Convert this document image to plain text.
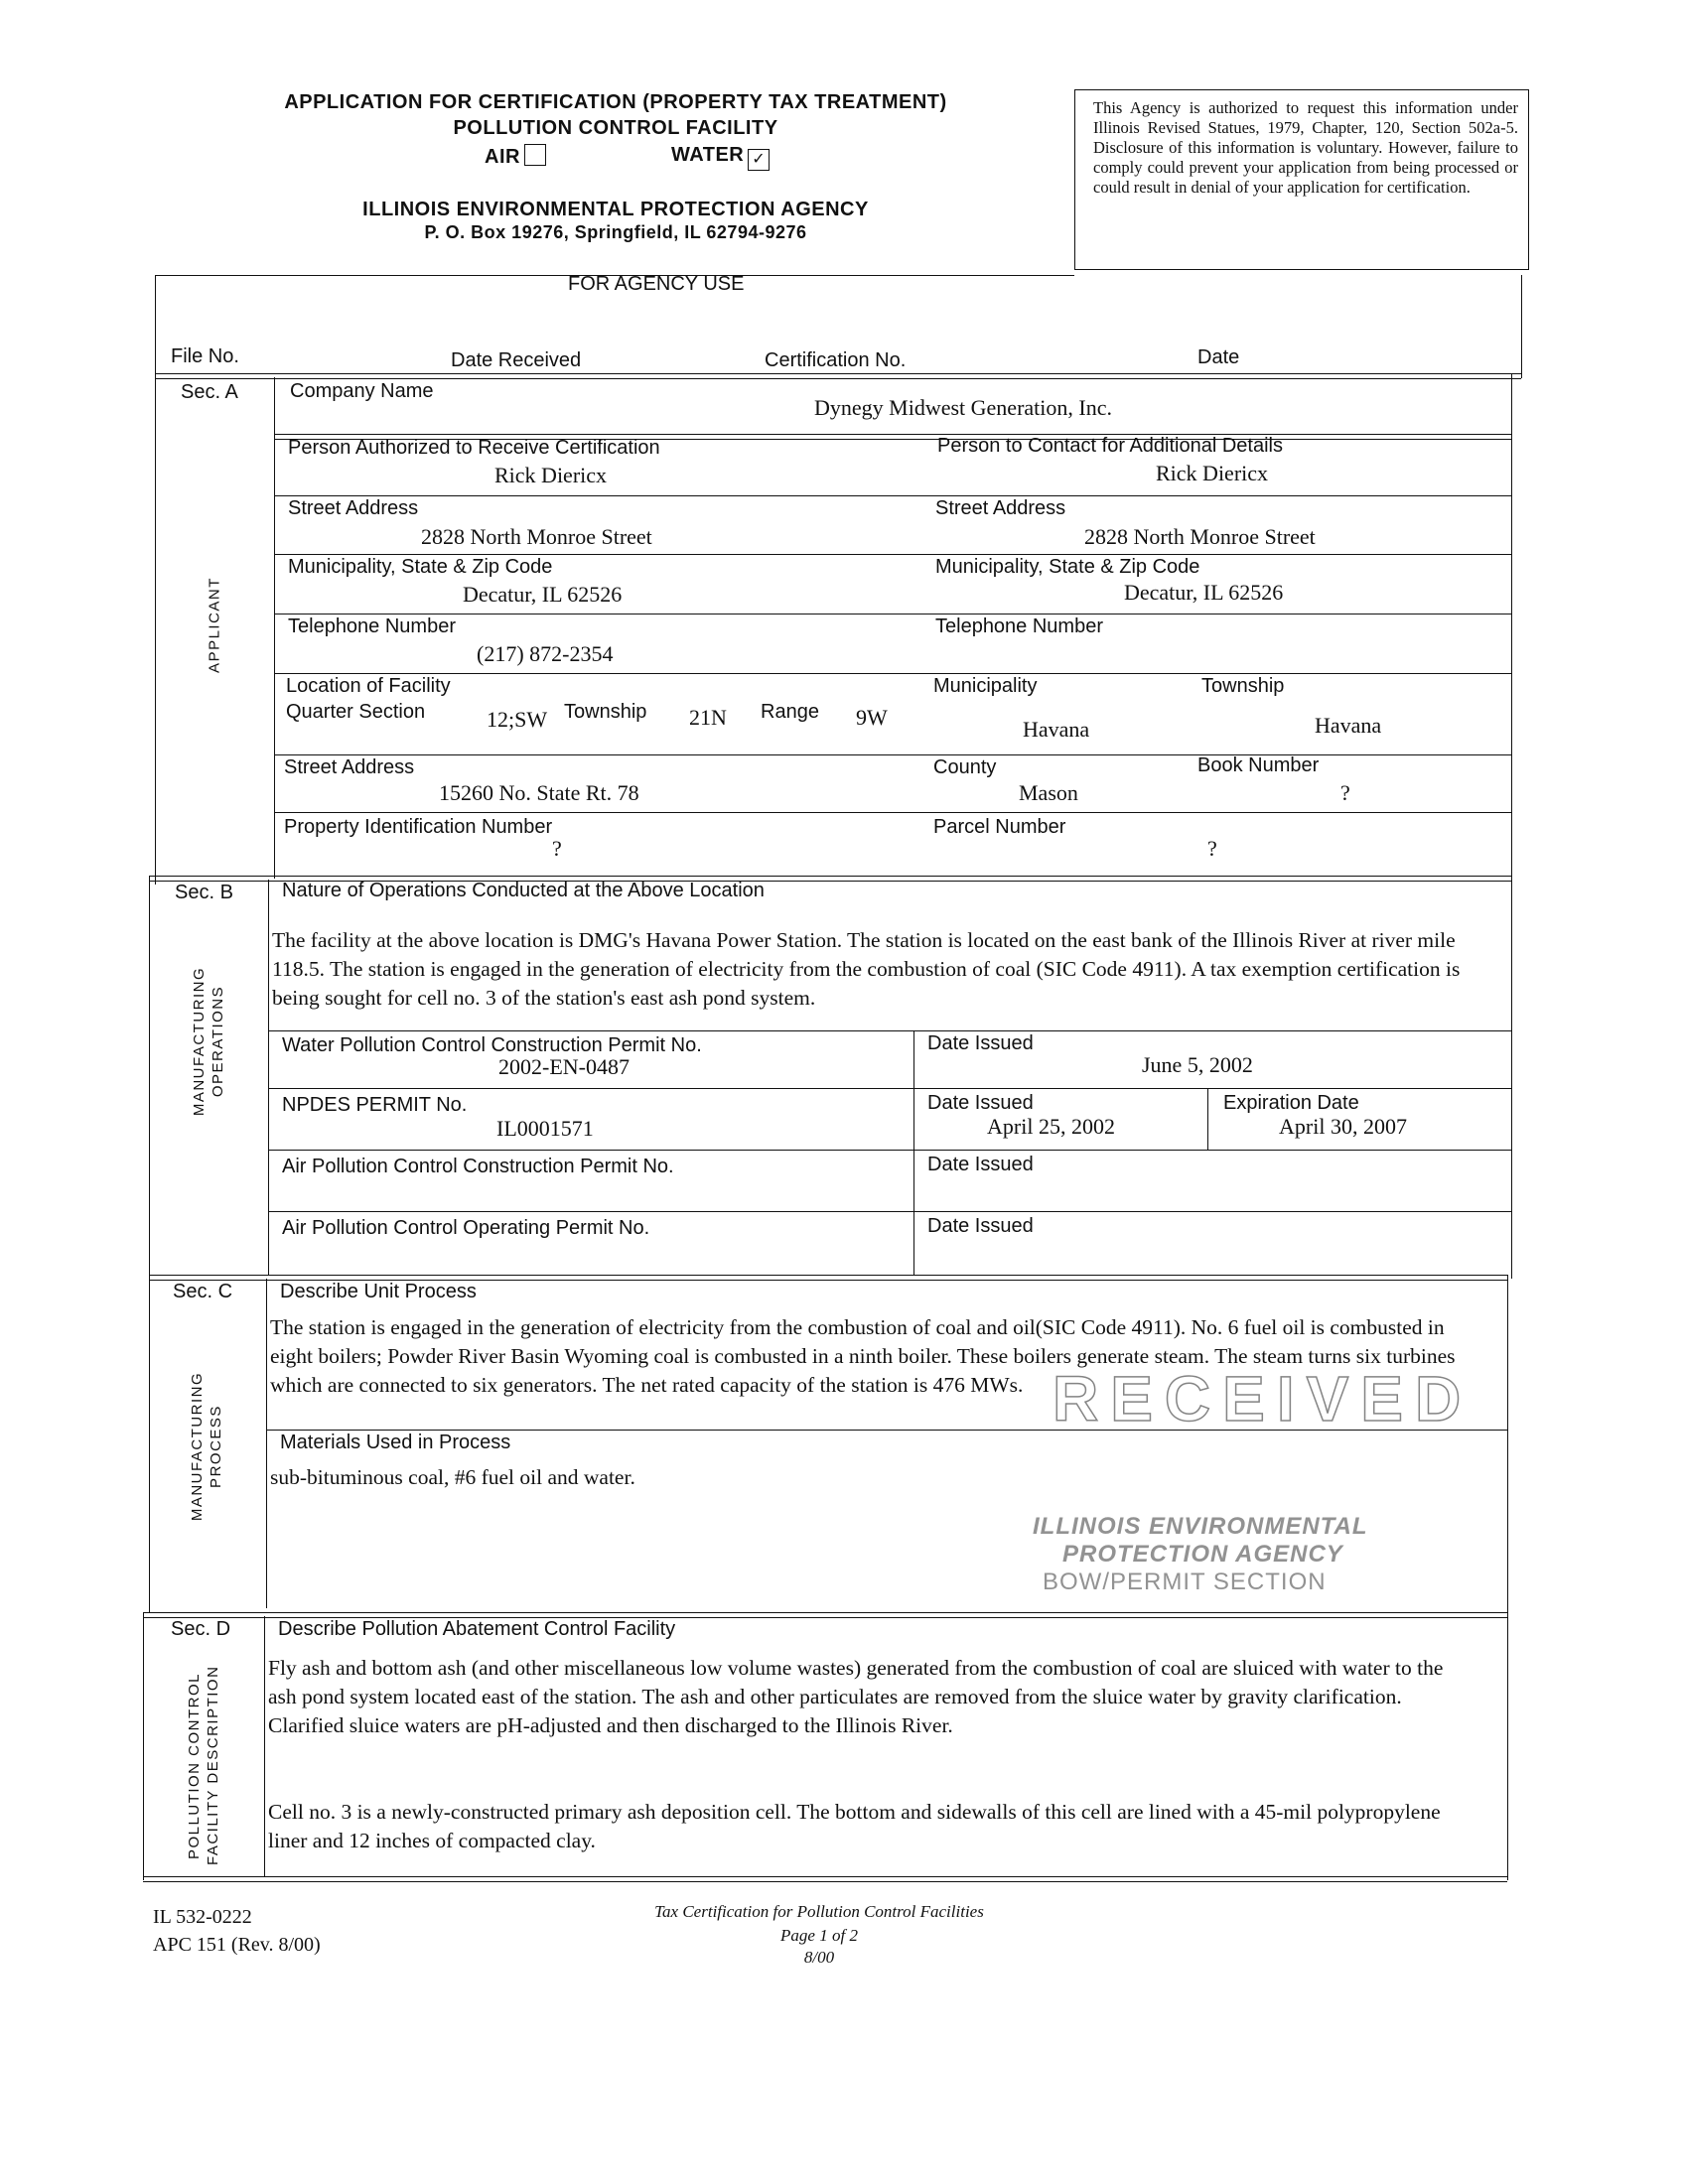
APPLICATION FOR CERTIFICATION (PROPERTY TAX TREATMENT)
POLLUTION CONTROL FACILITY
AIR	WATER ✓
ILLINOIS ENVIRONMENTAL PROTECTION AGENCY
P. O. Box 19276, Springfield, IL 62794-9276
This Agency is authorized to request this information under Illinois Revised Statues, 1979, Chapter, 120, Section 502a-5. Disclosure of this information is voluntary. However, failure to comply could prevent your application from being processed or could result in denial of your application for certification.
FOR AGENCY USE
File No.	Date Received	Certification No.	Date
Sec. A
APPLICANT
Company Name
Dynegy Midwest Generation, Inc.
Person Authorized to Receive Certification
Rick Diericx
Person to Contact for Additional Details
Rick Diericx
Street Address
2828 North Monroe Street
Street Address
2828 North Monroe Street
Municipality, State & Zip Code
Decatur, IL 62526
Municipality, State & Zip Code
Decatur, IL 62526
Telephone Number
(217) 872-2354
Telephone Number
Location of Facility
Quarter Section	12;SW Township 21N Range 9W
Municipality
Havana
Township
Havana
Street Address
15260 No. State Rt. 78
County
Mason
Book Number
?
Property Identification Number
?
Parcel Number
?
Sec. B
MANUFACTURING OPERATIONS
Nature of Operations Conducted at the Above Location
The facility at the above location is DMG's Havana Power Station. The station is located on the east bank of the Illinois River at river mile 118.5. The station is engaged in the generation of electricity from the combustion of coal (SIC Code 4911). A tax exemption certification is being sought for cell no. 3 of the station's east ash pond system.
Water Pollution Control Construction Permit No.
2002-EN-0487
Date Issued
June 5, 2002
NPDES PERMIT No.
IL0001571
Date Issued
April 25, 2002
Expiration Date
April 30, 2007
Air Pollution Control Construction Permit No.	Date Issued
Air Pollution Control Operating Permit No.	Date Issued
Sec. C
MANUFACTURING PROCESS
Describe Unit Process
The station is engaged in the generation of electricity from the combustion of coal and oil(SIC Code 4911). No. 6 fuel oil is combusted in eight boilers; Powder River Basin Wyoming coal is combusted in a ninth boiler. These boilers generate steam. The steam turns six turbines which are connected to six generators. The net rated capacity of the station is 476 MWs.
Materials Used in Process
sub-bituminous coal, #6 fuel oil and water.
RECEIVED
ILLINOIS ENVIRONMENTAL
PROTECTION AGENCY
BOW/PERMIT SECTION
Sec. D
POLLUTION CONTROL FACILITY DESCRIPTION
Describe Pollution Abatement Control Facility
Fly ash and bottom ash (and other miscellaneous low volume wastes) generated from the combustion of coal are sluiced with water to the ash pond system located east of the station. The ash and other particulates are removed from the sluice water by gravity clarification. Clarified sluice waters are pH-adjusted and then discharged to the Illinois River.
Cell no. 3 is a newly-constructed primary ash deposition cell. The bottom and sidewalls of this cell are lined with a 45-mil polypropylene liner and 12 inches of compacted clay.
IL 532-0222
APC 151 (Rev. 8/00)
Tax Certification for Pollution Control Facilities
Page 1 of 2
8/00
